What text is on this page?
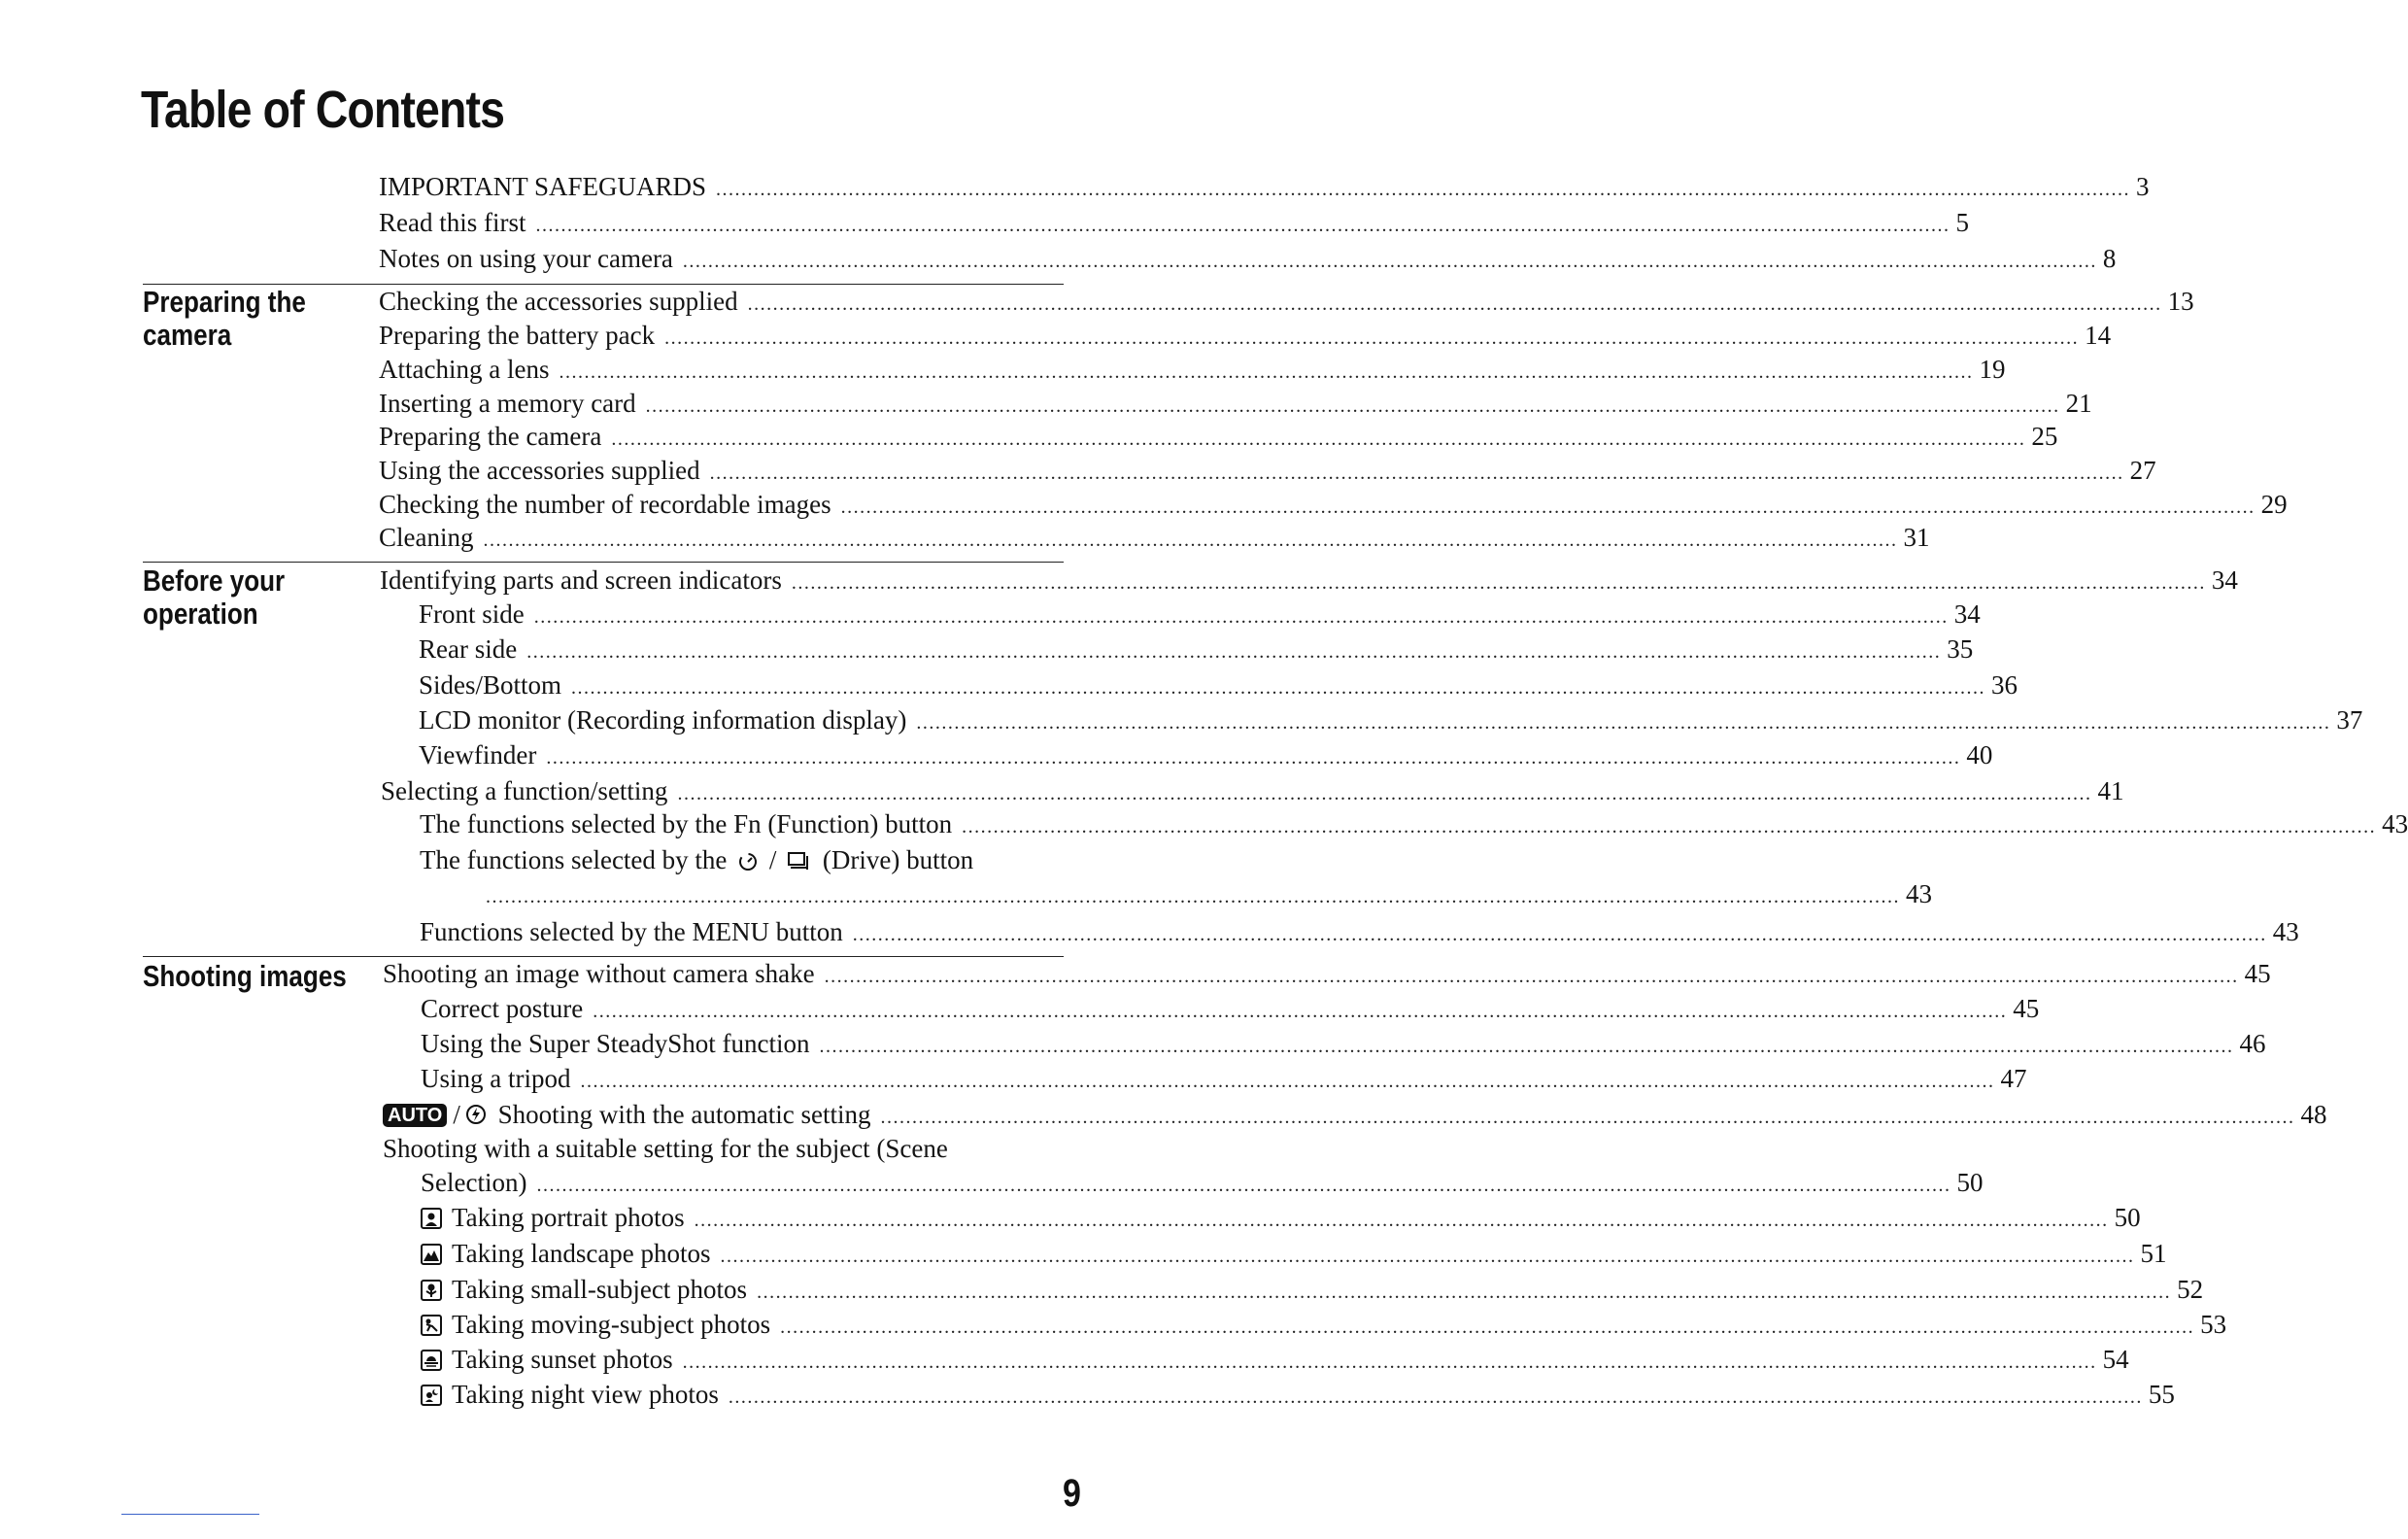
Table of Contents
Preparing the
camera
Before your
operation
Shooting images
IMPORTANT SAFEGUARDS ................................................................................................................................................................................................................................ 3
Read this first ................................................................................................................................................................................................................................ 5
Notes on using your camera ................................................................................................................................................................................................................................ 8
Checking the accessories supplied ................................................................................................................................................................................................................................ 13
Preparing the battery pack ................................................................................................................................................................................................................................ 14
Attaching a lens ................................................................................................................................................................................................................................ 19
Inserting a memory card ................................................................................................................................................................................................................................ 21
Preparing the camera ................................................................................................................................................................................................................................ 25
Using the accessories supplied ................................................................................................................................................................................................................................ 27
Checking the number of recordable images ................................................................................................................................................................................................................................ 29
Cleaning ................................................................................................................................................................................................................................ 31
Identifying parts and screen indicators ................................................................................................................................................................................................................................ 34
Front side ................................................................................................................................................................................................................................ 34
Rear side ................................................................................................................................................................................................................................ 35
Sides/Bottom ................................................................................................................................................................................................................................ 36
LCD monitor (Recording information display) ................................................................................................................................................................................................................................ 37
Viewfinder ................................................................................................................................................................................................................................ 40
Selecting a function/setting ................................................................................................................................................................................................................................ 41
The functions selected by the Fn (Function) button ................................................................................................................................................................................................................................ 43
The functions selected by the / (Drive) button
................................................................................................................................................................................................................................ 43
Functions selected by the MENU button ................................................................................................................................................................................................................................ 43
Shooting an image without camera shake ................................................................................................................................................................................................................................ 45
Correct posture ................................................................................................................................................................................................................................ 45
Using the Super SteadyShot function ................................................................................................................................................................................................................................ 46
Using a tripod ................................................................................................................................................................................................................................ 47
AUTO / Shooting with the automatic setting ................................................................................................................................................................................................................................ 48
Shooting with a suitable setting for the subject (Scene
Selection) ................................................................................................................................................................................................................................ 50
Taking portrait photos ................................................................................................................................................................................................................................ 50
Taking landscape photos ................................................................................................................................................................................................................................ 51
Taking small-subject photos ................................................................................................................................................................................................................................ 52
Taking moving-subject photos ................................................................................................................................................................................................................................ 53
Taking sunset photos ................................................................................................................................................................................................................................ 54
Taking night view photos ................................................................................................................................................................................................................................ 55
9
